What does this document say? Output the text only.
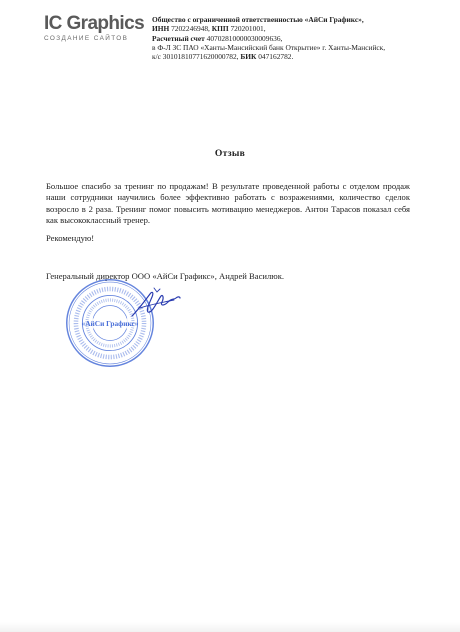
IC Graphics
СОЗДАНИЕ САЙТОВ
Общество с ограниченной ответственностью «АйСи Графикс»,
ИНН 7202246948, КПП 720201001,
Расчетный счет 40702810000030009636,
в Ф-Л ЗС ПАО «Ханты-Мансийский банк Открытие» г. Ханты-Мансийск,
к/с 30101810771620000782, БИК 047162782.
Отзыв
Большое спасибо за тренинг по продажам! В результате проведенной работы с отделом продаж наши сотрудники научились более эффективно работать с возражениями, количество сделок возросло в 2 раза. Тренинг помог повысить мотивацию менеджеров. Антон Тарасов показал себя как высококлассный тренер.
Рекомендую!
Генеральный директор ООО «АйСи Графикс», Андрей Василюк.
«АйСи Графикс»
